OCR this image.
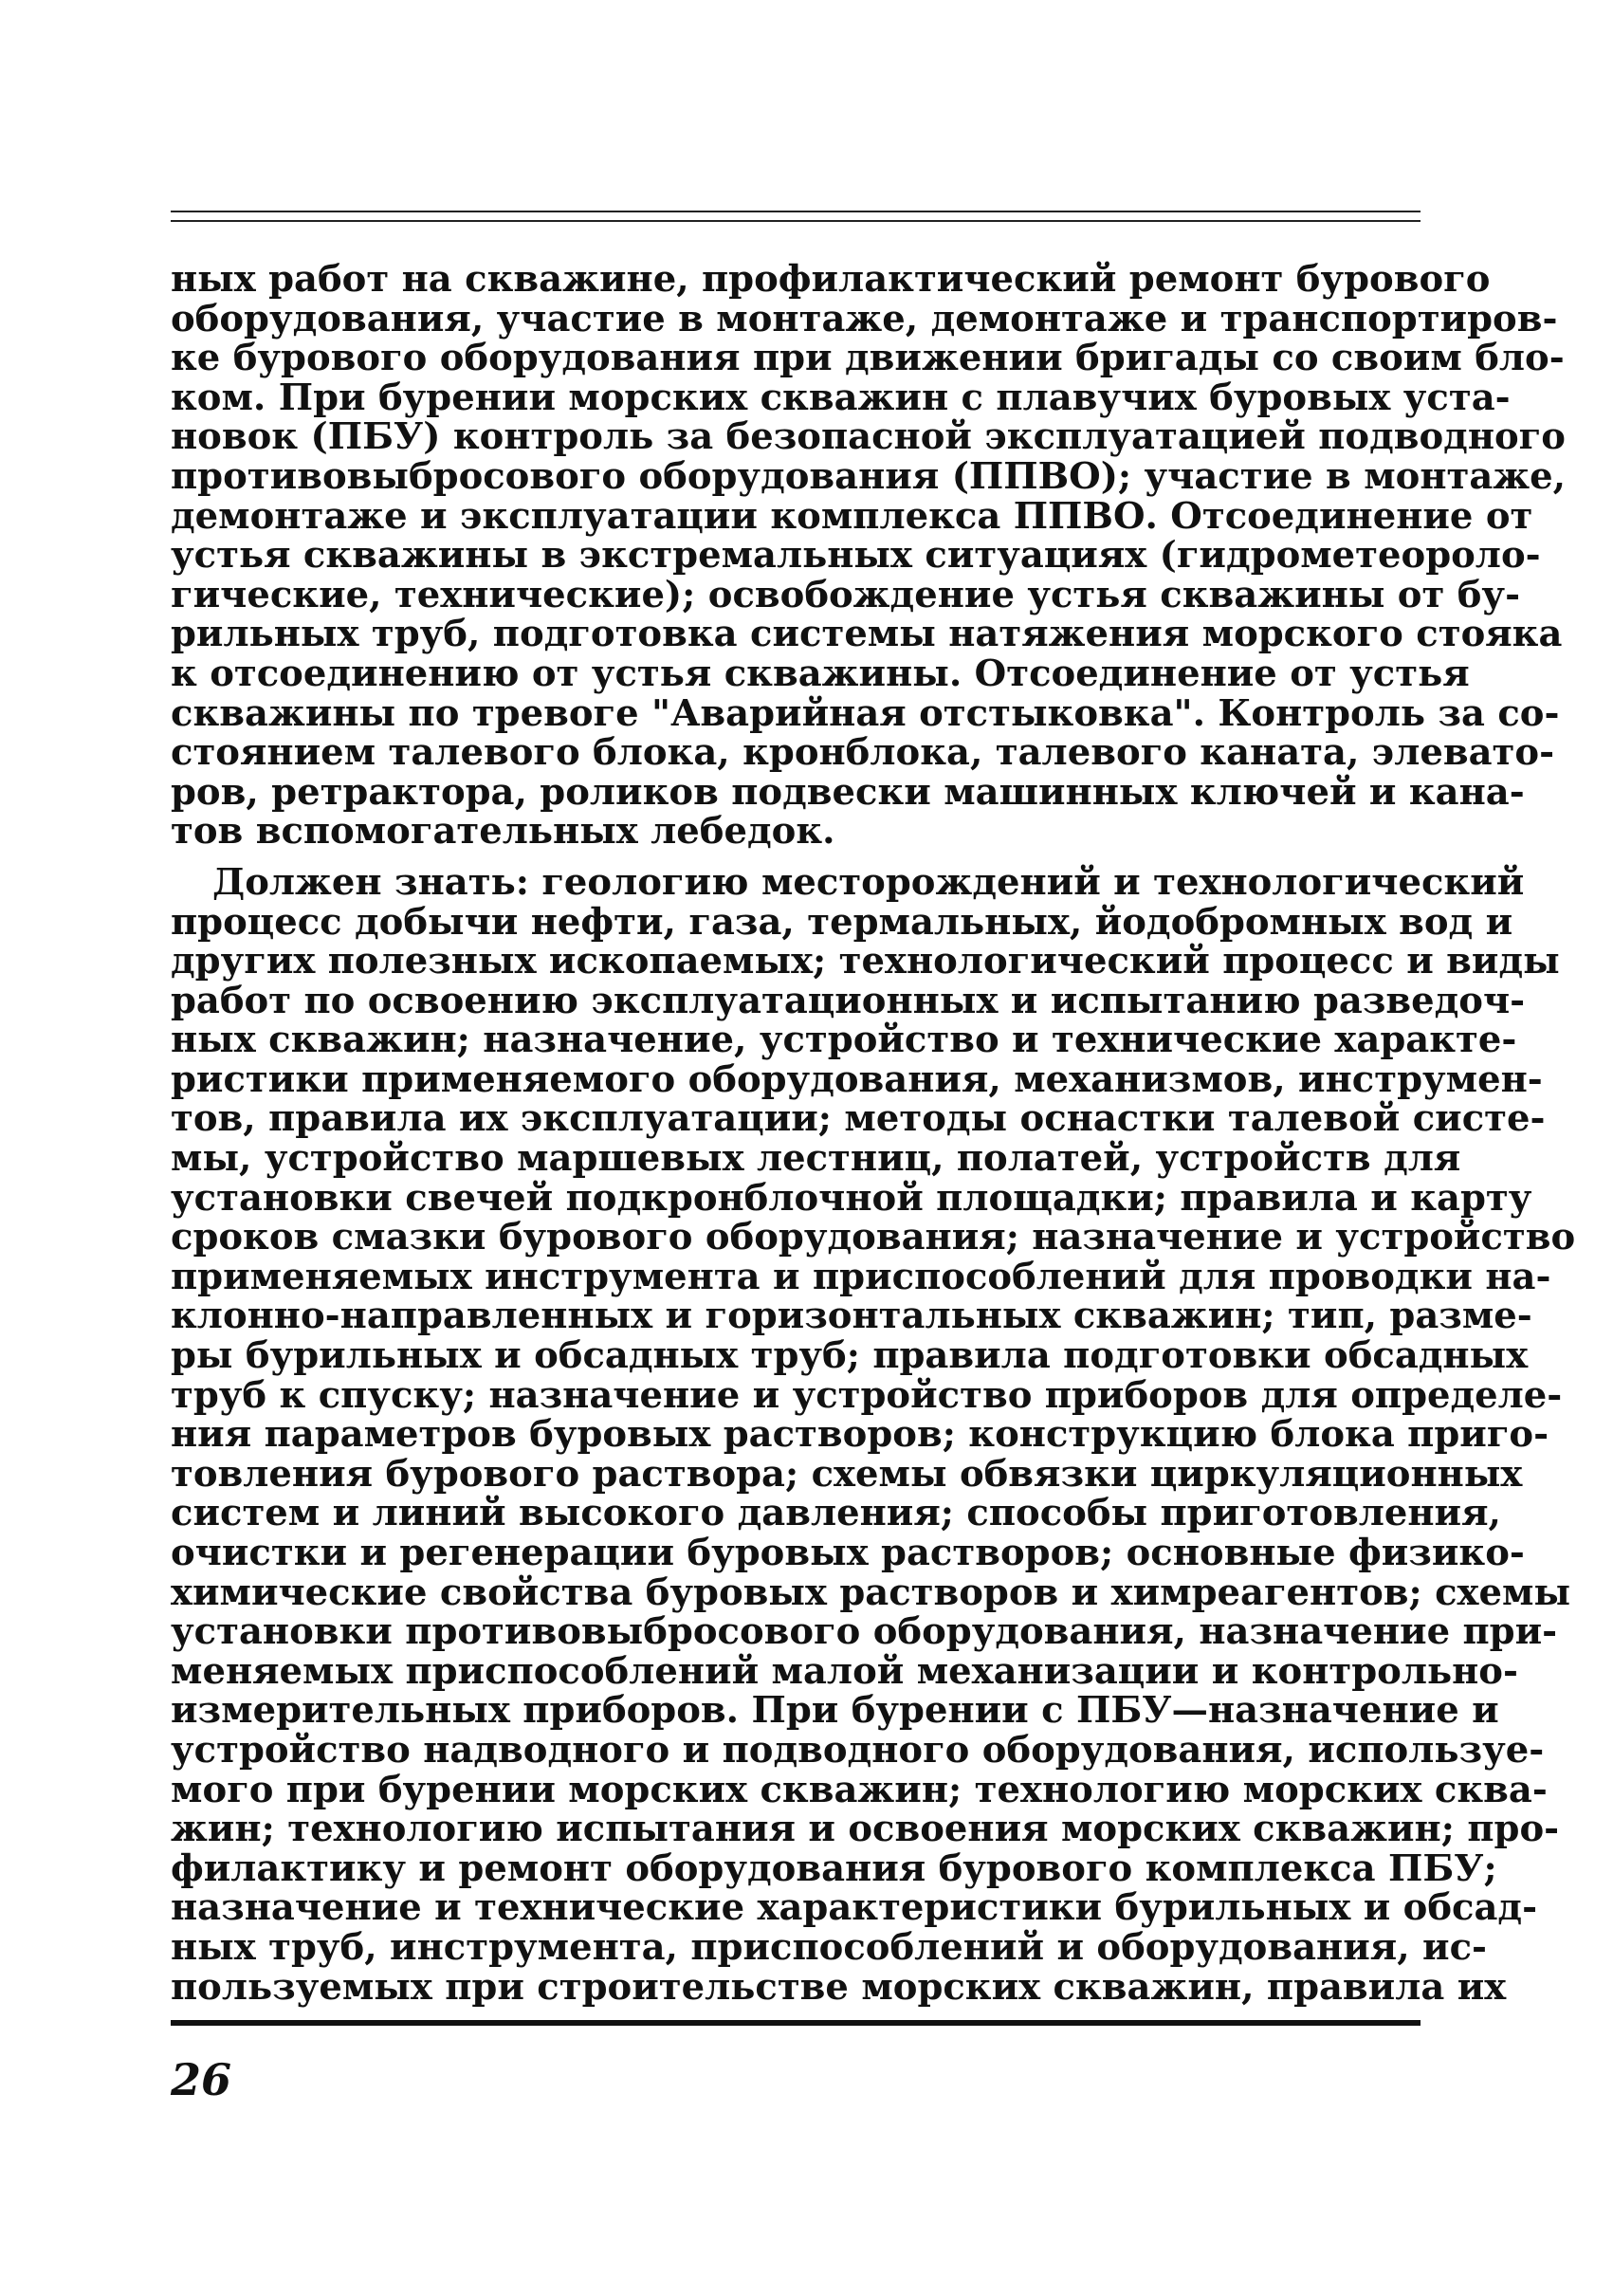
ных работ на скважине, профилактический ремонт бурового
оборудования, участие в монтаже, демонтаже и транспортиров-
ке бурового оборудования при движении бригады со своим бло-
ком. При бурении морских скважин с плавучих буровых уста-
новок (ПБУ) контроль за безопасной эксплуатацией подводного
противовыбросового оборудования (ППВО); участие в монтаже,
демонтаже и эксплуатации комплекса ППВО. Отсоединение от
устья скважины в экстремальных ситуациях (гидрометеороло-
гические, технические); освобождение устья скважины от бу-
рильных труб, подготовка системы натяжения морского стояка
к отсоединению от устья скважины. Отсоединение от устья
скважины по тревоге "Аварийная отстыковка". Контроль за со-
стоянием талевого блока, кронблока, талевого каната, элевато-
ров, ретрактора, роликов подвески машинных ключей и кана-
тов вспомогательных лебедок.
Должен знать: геологию месторождений и технологический
процесс добычи нефти, газа, термальных, йодобромных вод и
других полезных ископаемых; технологический процесс и виды
работ по освоению эксплуатационных и испытанию разведоч-
ных скважин; назначение, устройство и технические характе-
ристики применяемого оборудования, механизмов, инструмен-
тов, правила их эксплуатации; методы оснастки талевой систе-
мы, устройство маршевых лестниц, полатей, устройств для
установки свечей подкронблочной площадки; правила и карту
сроков смазки бурового оборудования; назначение и устройство
применяемых инструмента и приспособлений для проводки на-
клонно-направленных и горизонтальных скважин; тип, разме-
ры бурильных и обсадных труб; правила подготовки обсадных
труб к спуску; назначение и устройство приборов для определе-
ния параметров буровых растворов; конструкцию блока приго-
товления бурового раствора; схемы обвязки циркуляционных
систем и линий высокого давления; способы приготовления,
очистки и регенерации буровых растворов; основные физико-
химические свойства буровых растворов и химреагентов; схемы
установки противовыбросового оборудования, назначение при-
меняемых приспособлений малой механизации и контрольно-
измерительных приборов. При бурении с ПБУ—назначение и
устройство надводного и подводного оборудования, используе-
мого при бурении морских скважин; технологию морских сква-
жин; технологию испытания и освоения морских скважин; про-
филактику и ремонт оборудования бурового комплекса ПБУ;
назначение и технические характеристики бурильных и обсад-
ных труб, инструмента, приспособлений и оборудования, ис-
пользуемых при строительстве морских скважин, правила их
26
